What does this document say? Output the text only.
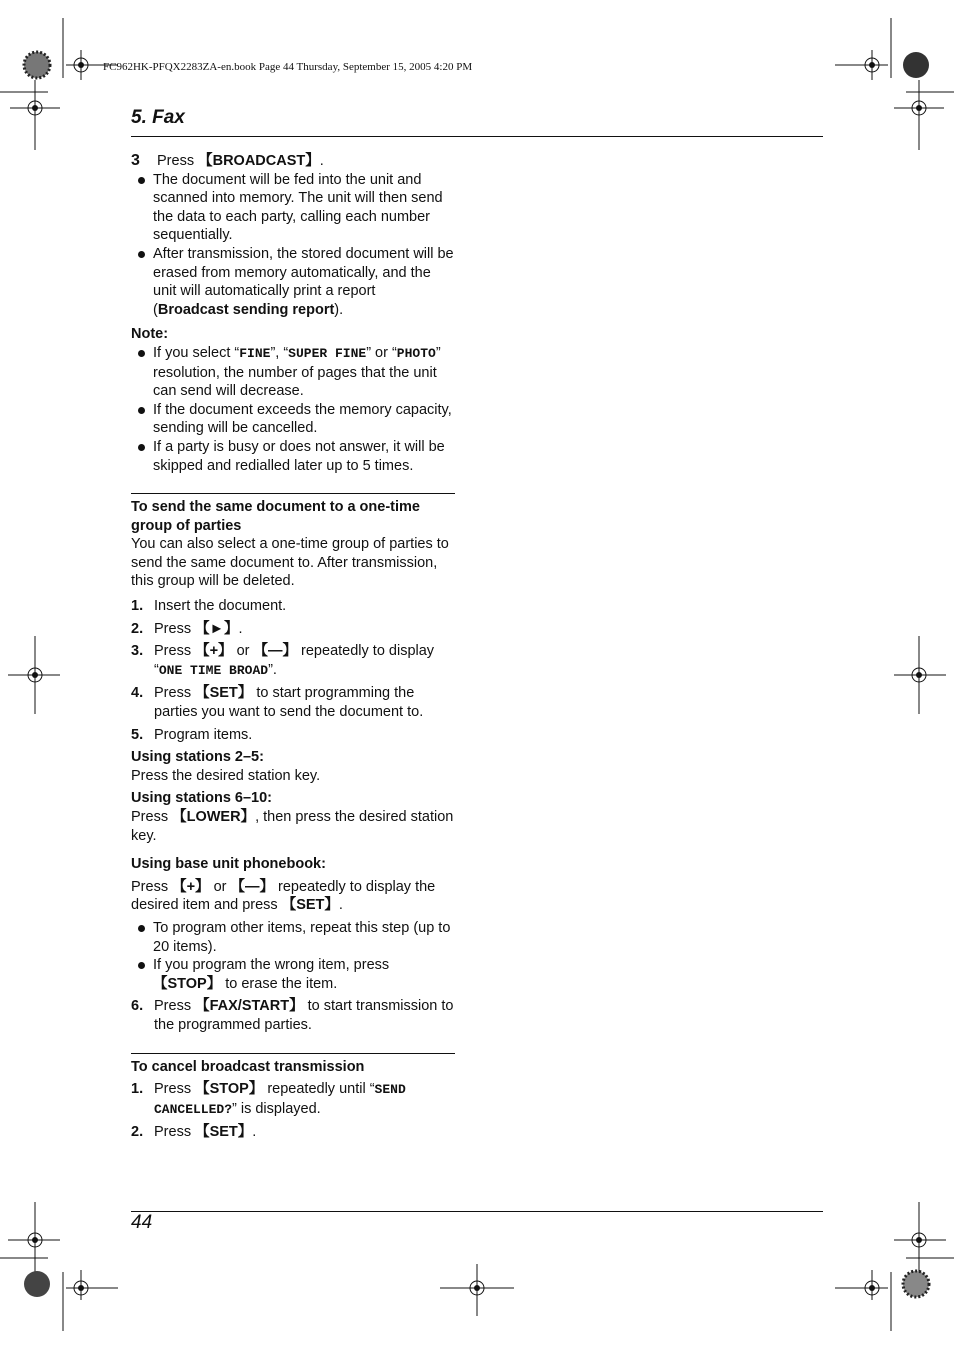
FC962HK-PFQX2283ZA-en.book Page 44 Thursday, September 15, 2005 4:20 PM
5. Fax

3 Press 【BROADCAST】.

The document will be fed into the unit and scanned into memory. The unit will then send the data to each party, calling each number sequentially.

After transmission, the stored document will be erased from memory automatically, and the unit will automatically print a report (Broadcast sending report).

Note:

If you select “FINE”, “SUPER FINE” or “PHOTO” resolution, the number of pages that the unit can send will decrease.

If the document exceeds the memory capacity, sending will be cancelled.

If a party is busy or does not answer, it will be skipped and redialled later up to 5 times.

To send the same document to a one-time group of parties

You can also select a one-time group of parties to send the same document to. After transmission, this group will be deleted.

1. Insert the document.

2. Press 【►】.

3. Press 【+】 or 【—】 repeatedly to display “ONE TIME BROAD”.

4. Press 【SET】 to start programming the parties you want to send the document to.

5. Program items.

Using stations 2–5:

Press the desired station key.

Using stations 6–10:

Press 【LOWER】, then press the desired station key.

Using base unit phonebook:

Press 【+】 or 【—】 repeatedly to display the desired item and press 【SET】.

To program other items, repeat this step (up to 20 items).

If you program the wrong item, press 【STOP】 to erase the item.

6. Press 【FAX/START】 to start transmission to the programmed parties.

To cancel broadcast transmission

1. Press 【STOP】 repeatedly until “SEND CANCELLED?” is displayed.

2. Press 【SET】.

44
